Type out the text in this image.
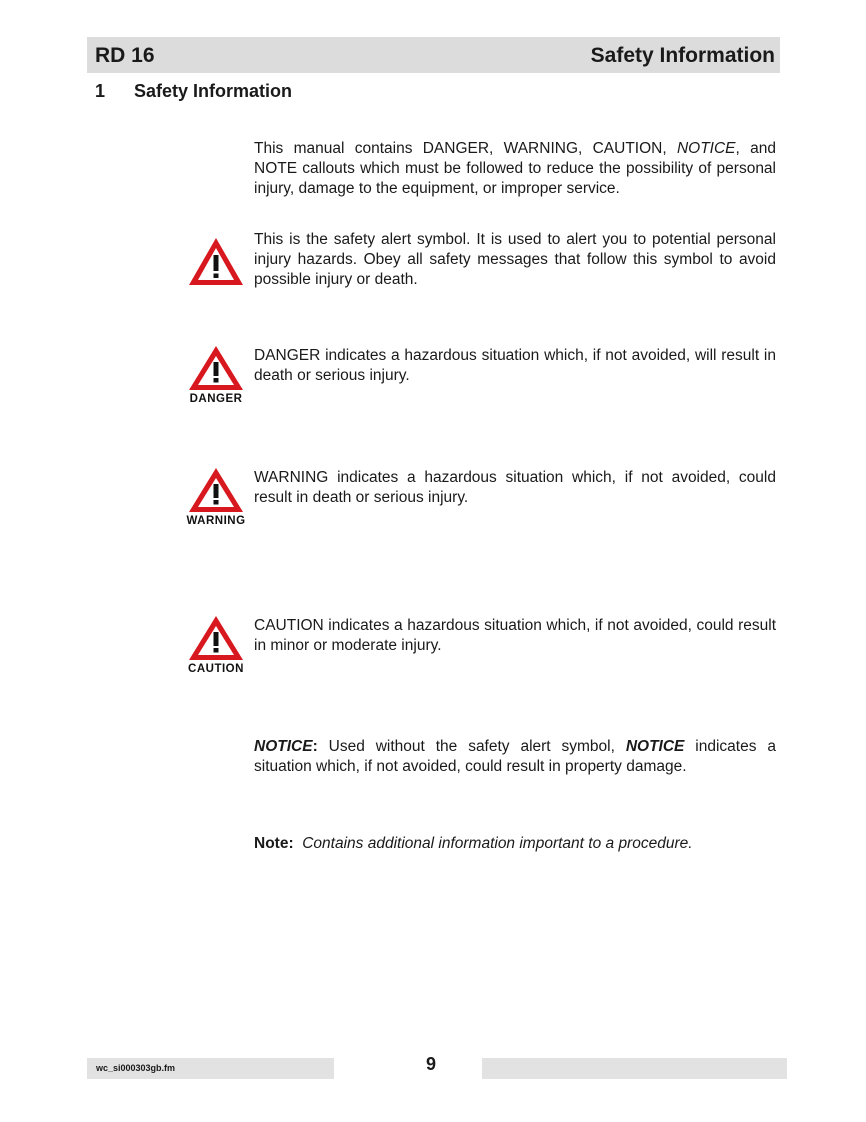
RD 16	Safety Information
1 Safety Information

This manual contains DANGER, WARNING, CAUTION, NOTICE, and NOTE callouts which must be followed to reduce the possibility of personal injury, damage to the equipment, or improper service.

This is the safety alert symbol. It is used to alert you to potential personal injury hazards. Obey all safety messages that follow this symbol to avoid possible injury or death.

DANGER

DANGER indicates a hazardous situation which, if not avoided, will result in death or serious injury.

WARNING

WARNING indicates a hazardous situation which, if not avoided, could result in death or serious injury.

CAUTION

CAUTION indicates a hazardous situation which, if not avoided, could result in minor or moderate injury.

NOTICE: Used without the safety alert symbol, NOTICE indicates a situation which, if not avoided, could result in property damage.

Note: Contains additional information important to a procedure.

wc_si000303gb.fm	9
